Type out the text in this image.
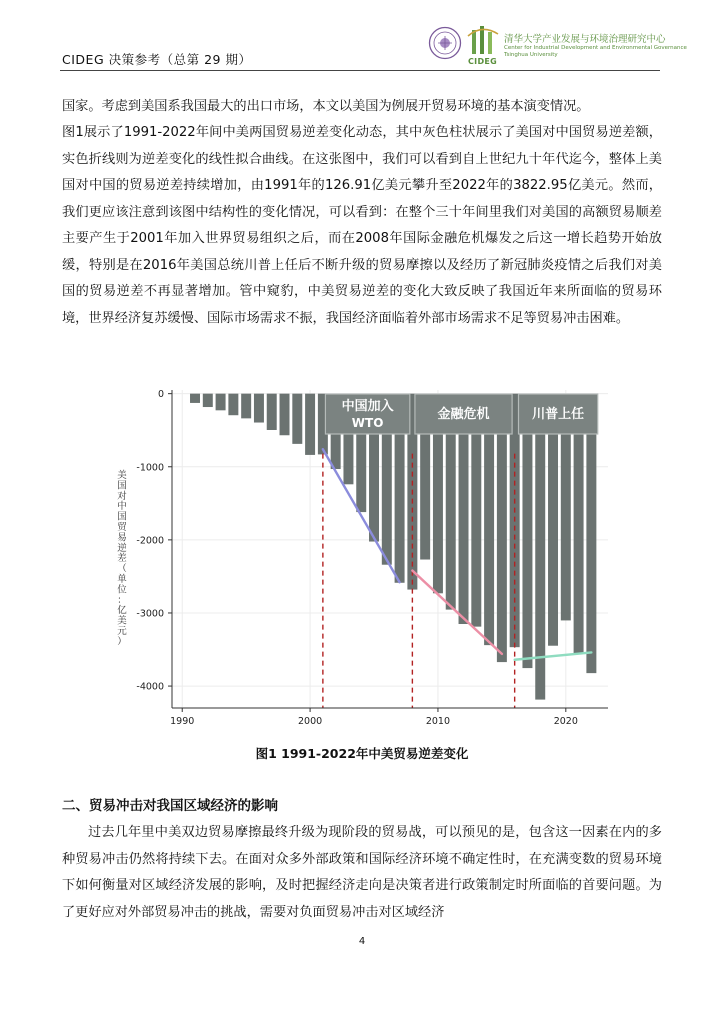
CIDEG 决策参考（总第 29 期）	CIDEG
清华大学产业发展与环境治理研究中心
Center for Industrial Development and Environmental Governance
Tsinghua University
国家。考虑到美国系我国最大的出口市场，本文以美国为例展开贸易环境的基本演变情况。
图1展示了1991-2022年间中美两国贸易逆差变化动态，其中灰色柱状展示了美国对中国贸易逆差额，实色折线则为逆差变化的线性拟合曲线。在这张图中，我们可以看到自上世纪九十年代迄今，整体上美国对中国的贸易逆差持续增加，由1991年的126.91亿美元攀升至2022年的3822.95亿美元。然而，我们更应该注意到该图中结构性的变化情况，可以看到：在整个三十年间里我们对美国的高额贸易顺差主要产生于2001年加入世界贸易组织之后，而在2008年国际金融危机爆发之后这一增长趋势开始放缓，特别是在2016年美国总统川普上任后不断升级的贸易摩擦以及经历了新冠肺炎疫情之后我们对美国的贸易逆差不再显著增加。管中窥豹，中美贸易逆差的变化大致反映了我国近年来所面临的贸易环境，世界经济复苏缓慢、国际市场需求不振，我国经济面临着外部市场需求不足等贸易冲击困难。
中国加入
WTO
金融危机	川普上任
0
-1000
-2000
-3000
-4000
1990	2000	2010	2020
美国对中国贸易逆差（单位：亿美元）
图1 1991-2022年中美贸易逆差变化
二、贸易冲击对我国区域经济的影响
过去几年里中美双边贸易摩擦最终升级为现阶段的贸易战，可以预见的是，包含这一因素在内的多种贸易冲击仍然将持续下去。在面对众多外部政策和国际经济环境不确定性时，在充满变数的贸易环境下如何衡量对区域经济发展的影响，及时把握经济走向是决策者进行政策制定时所面临的首要问题。为了更好应对外部贸易冲击的挑战，需要对负面贸易冲击对区域经济
4
